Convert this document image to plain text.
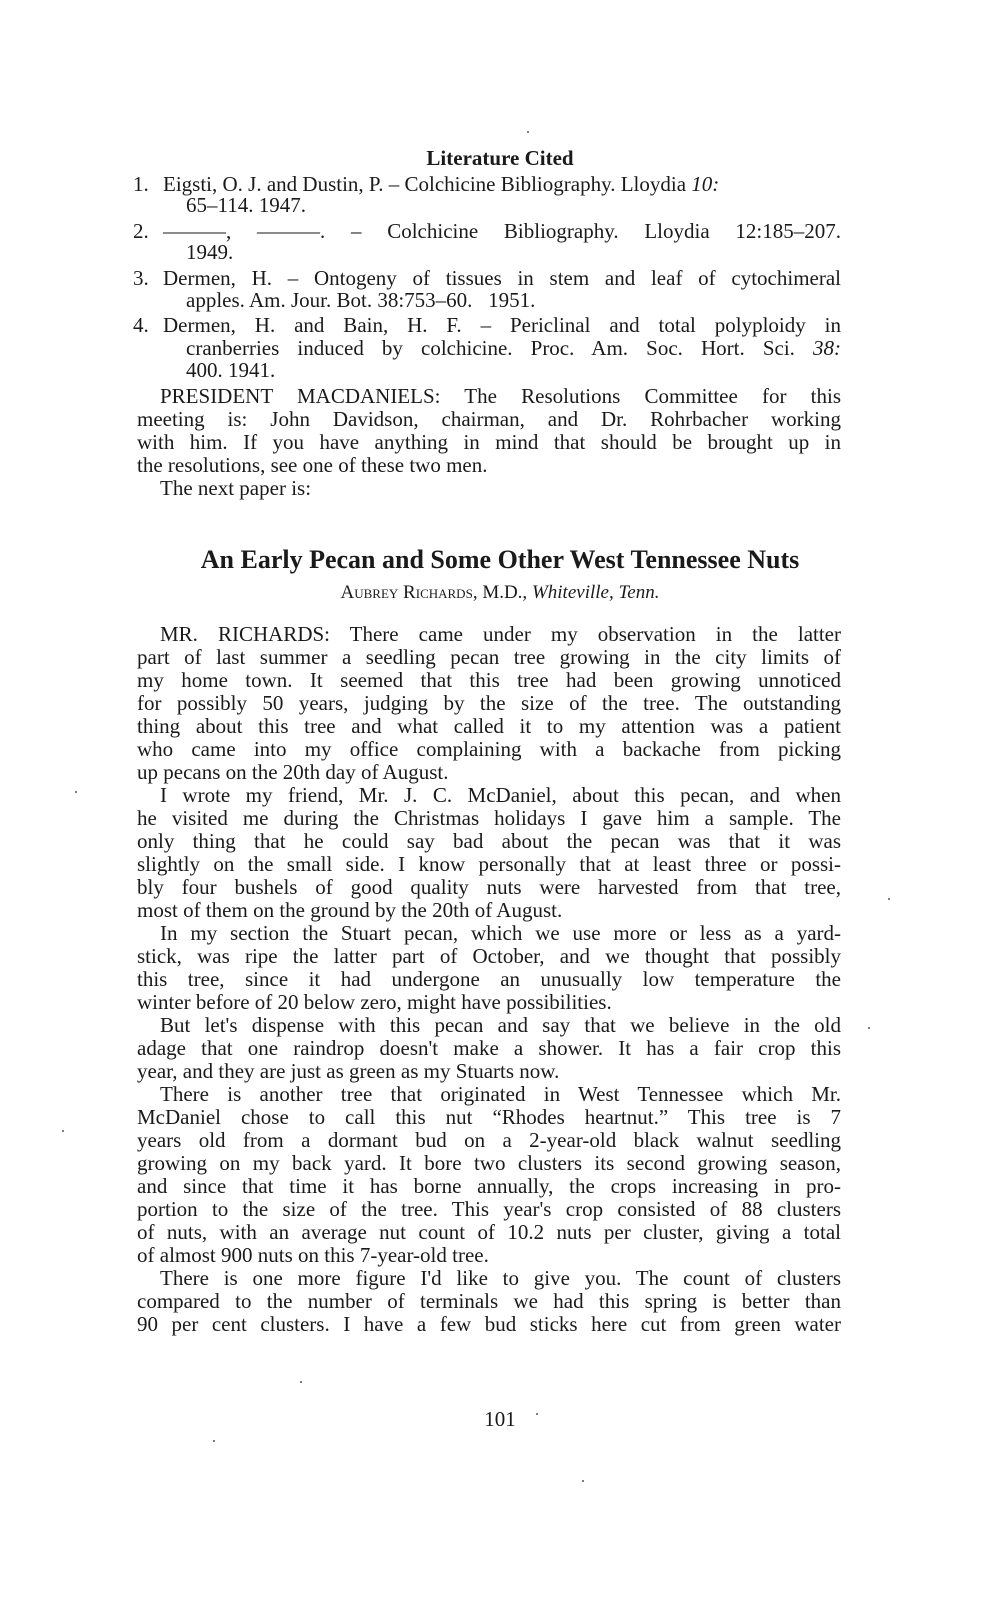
Literature Cited
1. Eigsti, O. J. and Dustin, P. – Colchicine Bibliography. Lloydia 10:
65–114. 1947.
2. ———, ———. – Colchicine Bibliography. Lloydia 12:185–207.
1949.
3. Dermen, H. – Ontogeny of tissues in stem and leaf of cytochimeral
apples. Am. Jour. Bot. 38:753–60.   1951.
4. Dermen, H. and Bain, H. F. – Periclinal and total polyploidy in
cranberries induced by colchicine. Proc. Am. Soc. Hort. Sci. 38:
400. 1941.
PRESIDENT MACDANIELS: The Resolutions Committee for this
meeting is: John Davidson, chairman, and Dr. Rohrbacher working
with him. If you have anything in mind that should be brought up in
the resolutions, see one of these two men.
The next paper is:
An Early Pecan and Some Other West Tennessee Nuts
Aubrey Richards, M.D., Whiteville, Tenn.
MR. RICHARDS: There came under my observation in the latter
part of last summer a seedling pecan tree growing in the city limits of
my home town. It seemed that this tree had been growing unnoticed
for possibly 50 years, judging by the size of the tree. The outstanding
thing about this tree and what called it to my attention was a patient
who came into my office complaining with a backache from picking
up pecans on the 20th day of August.
I wrote my friend, Mr. J. C. McDaniel, about this pecan, and when
he visited me during the Christmas holidays I gave him a sample. The
only thing that he could say bad about the pecan was that it was
slightly on the small side. I know personally that at least three or possi-
bly four bushels of good quality nuts were harvested from that tree,
most of them on the ground by the 20th of August.
In my section the Stuart pecan, which we use more or less as a yard-
stick, was ripe the latter part of October, and we thought that possibly
this tree, since it had undergone an unusually low temperature the
winter before of 20 below zero, might have possibilities.
But let's dispense with this pecan and say that we believe in the old
adage that one raindrop doesn't make a shower. It has a fair crop this
year, and they are just as green as my Stuarts now.
There is another tree that originated in West Tennessee which Mr.
McDaniel chose to call this nut “Rhodes heartnut.” This tree is 7
years old from a dormant bud on a 2-year-old black walnut seedling
growing on my back yard. It bore two clusters its second growing season,
and since that time it has borne annually, the crops increasing in pro-
portion to the size of the tree. This year's crop consisted of 88 clusters
of nuts, with an average nut count of 10.2 nuts per cluster, giving a total
of almost 900 nuts on this 7-year-old tree.
There is one more figure I'd like to give you. The count of clusters
compared to the number of terminals we had this spring is better than
90 per cent clusters. I have a few bud sticks here cut from green water
101
